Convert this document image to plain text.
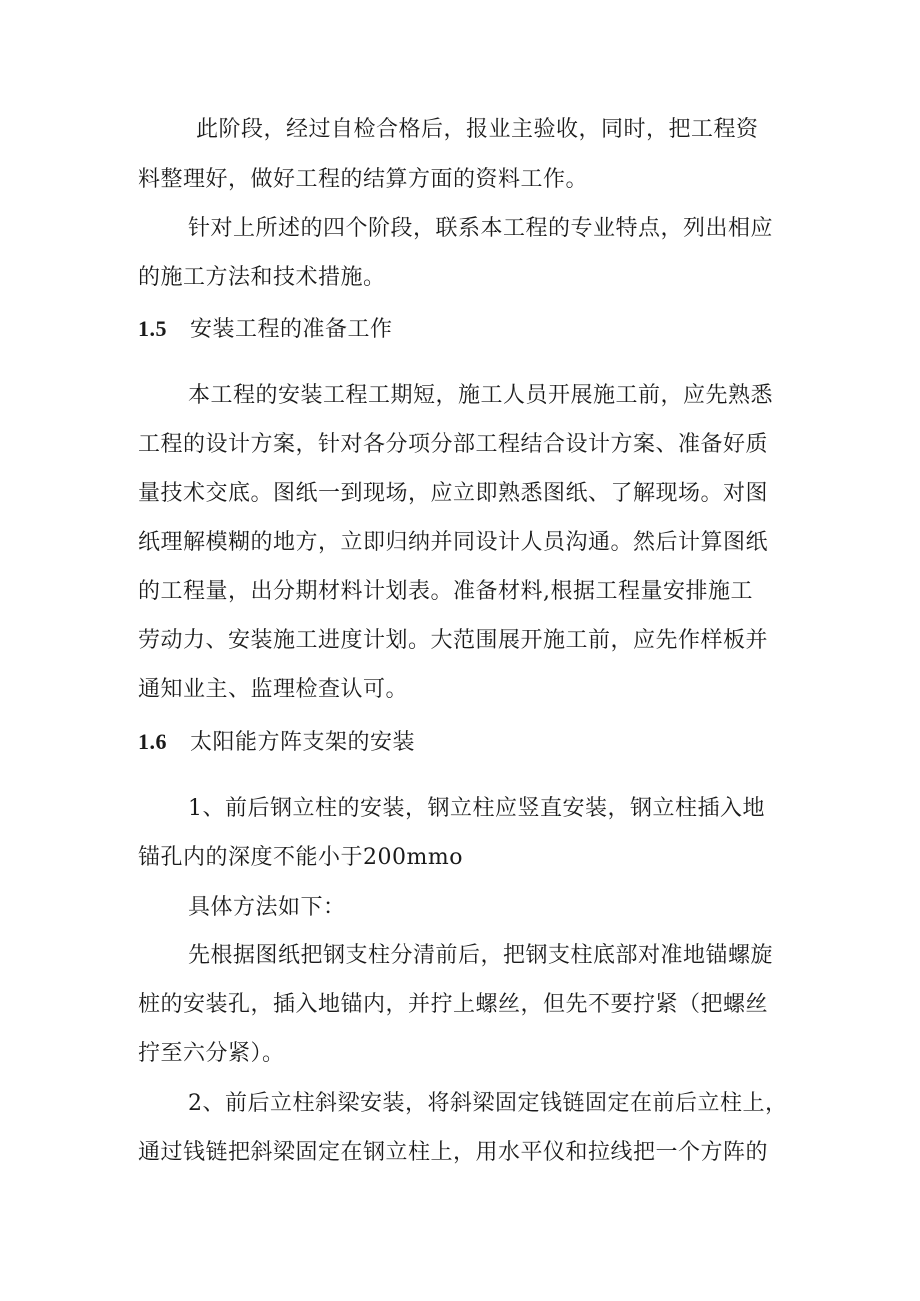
此阶段，经过自检合格后，报业主验收，同时，把工程资
料整理好，做好工程的结算方面的资料工作。
针对上所述的四个阶段，联系本工程的专业特点，列出相应
的施工方法和技术措施。
1.5 安装工程的准备工作
本工程的安装工程工期短，施工人员开展施工前，应先熟悉
工程的设计方案，针对各分项分部工程结合设计方案、准备好质
量技术交底。图纸一到现场，应立即熟悉图纸、了解现场。对图
纸理解模糊的地方，立即归纳并同设计人员沟通。然后计算图纸
的工程量，出分期材料计划表。准备材料,根据工程量安排施工
劳动力、安装施工进度计划。大范围展开施工前，应先作样板并
通知业主、监理检查认可。
1.6 太阳能方阵支架的安装
1、前后钢立柱的安装，钢立柱应竖直安装，钢立柱插入地
锚孔内的深度不能小于200mmo
具体方法如下：
先根据图纸把钢支柱分清前后，把钢支柱底部对准地锚螺旋
桩的安装孔，插入地锚内，并拧上螺丝，但先不要拧紧（把螺丝
拧至六分紧）。
2、前后立柱斜梁安装，将斜梁固定钱链固定在前后立柱上，
通过钱链把斜梁固定在钢立柱上，用水平仪和拉线把一个方阵的
